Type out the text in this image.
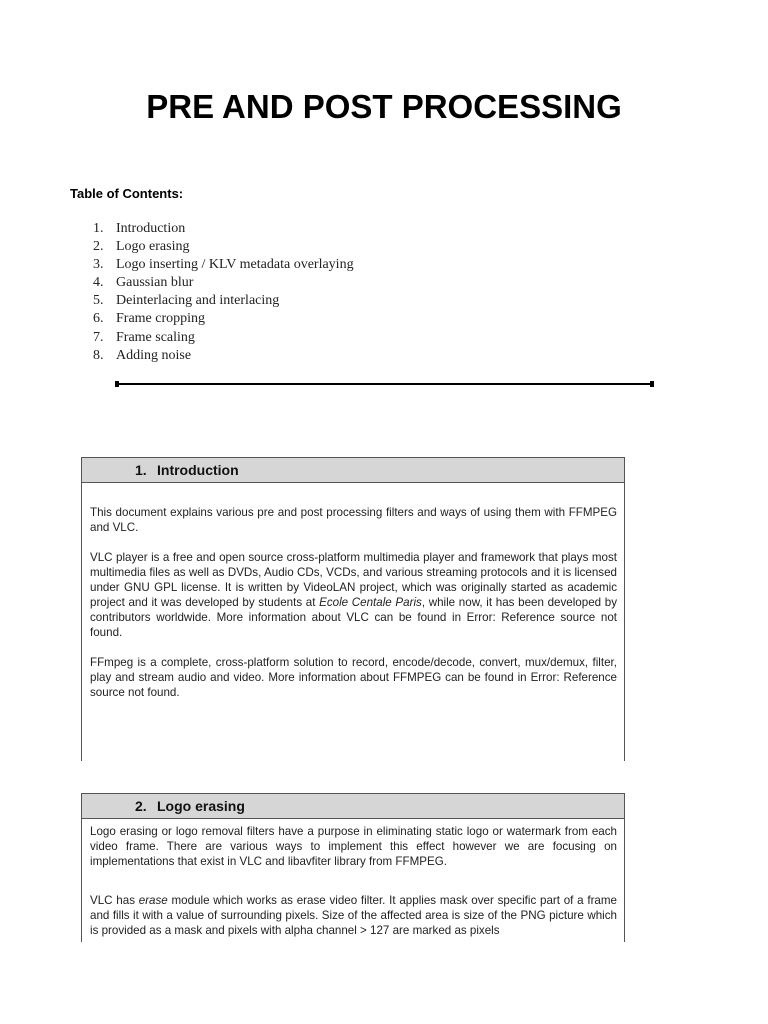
PRE AND POST PROCESSING
Table of Contents:
1. Introduction
2. Logo erasing
3. Logo inserting / KLV metadata overlaying
4. Gaussian blur
5. Deinterlacing and interlacing
6. Frame cropping
7. Frame scaling
8. Adding noise
1. Introduction

This document explains various pre and post processing filters and ways of using them with FFMPEG and VLC.

VLC player is a free and open source cross-platform multimedia player and framework that plays most multimedia files as well as DVDs, Audio CDs, VCDs, and various streaming protocols and it is licensed under GNU GPL license. It is written by VideoLAN project, which was originally started as academic project and it was developed by students at Ecole Centale Paris, while now, it has been developed by contributors worldwide. More information about VLC can be found in Error: Reference source not found.

FFmpeg is a complete, cross-platform solution to record, encode/decode, convert, mux/demux, filter, play and stream audio and video. More information about FFMPEG can be found in Error: Reference source not found.

2. Logo erasing

Logo erasing or logo removal filters have a purpose in eliminating static logo or watermark from each video frame. There are various ways to implement this effect however we are focusing on implementations that exist in VLC and libavfiter library from FFMPEG.

VLC has erase module which works as erase video filter. It applies mask over specific part of a frame and fills it with a value of surrounding pixels. Size of the affected area is size of the PNG picture which is provided as a mask and pixels with alpha channel > 127 are marked as pixels
